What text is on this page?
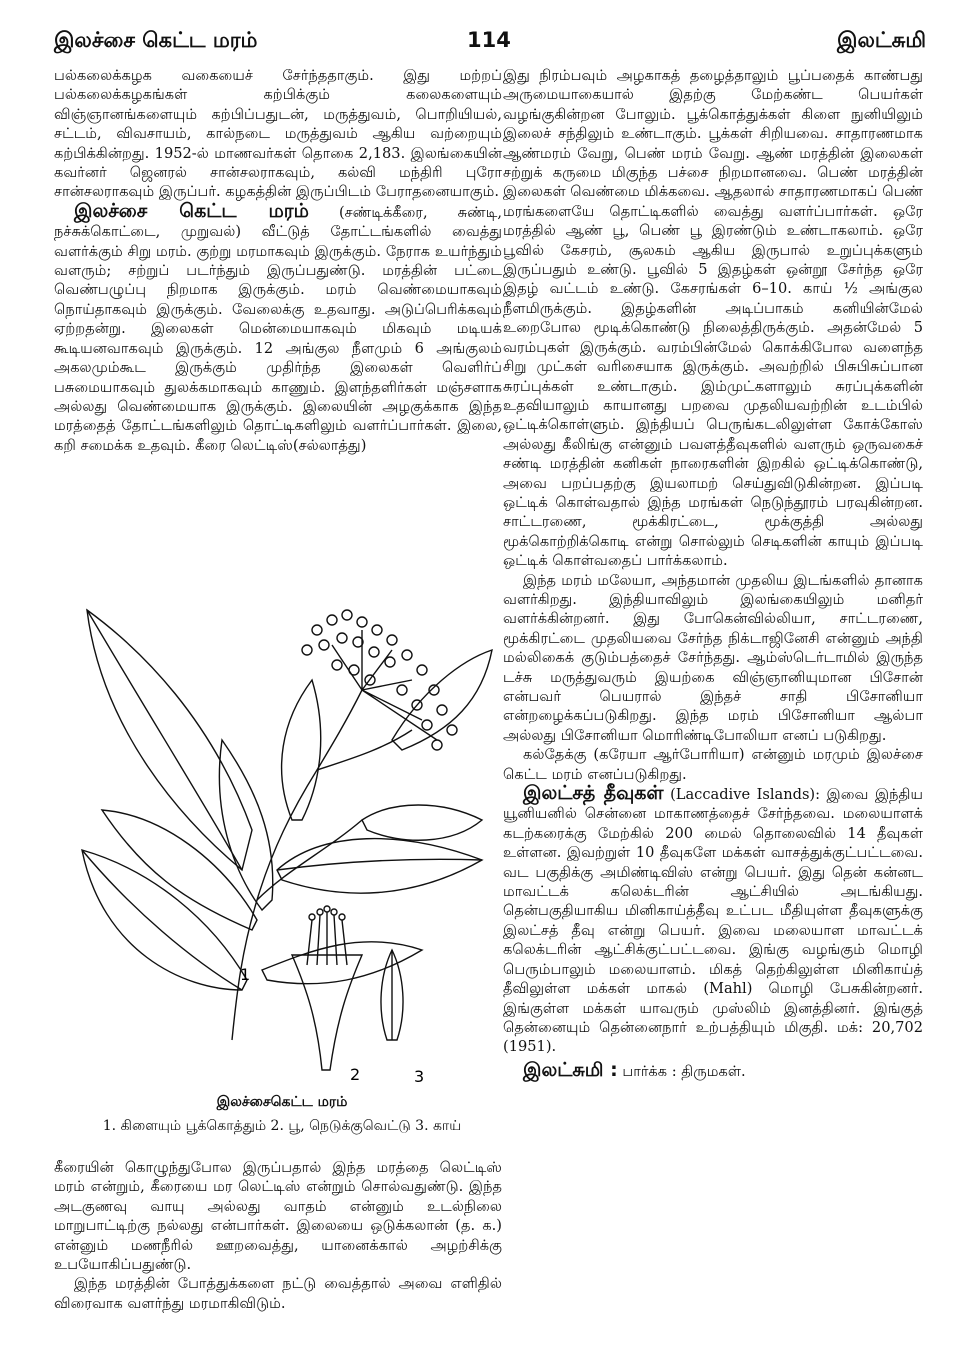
இலச்சை கெட்ட மரம்	114	இலட்சுமி

பல்கலைக்கழக வகையைச் சேர்ந்ததாகும். இது மற்றப் பல்கலைக்கழகங்கள் கற்பிக்கும் கலைகளையும் விஞ்ஞானங்களையும் கற்பிப்பதுடன், மருத்துவம், பொறியியல், சட்டம், விவசாயம், கால்நடை மருத்துவம் ஆகிய வற்றையும் கற்பிக்கின்றது. 1952-ல் மாணவர்கள் தொகை 2,183. இலங்கையின் கவர்னர் ஜெனரல் சான்சலராகவும், கல்வி மந்திரி புரோ சான்சலராகவும் இருப்பர். கழகத்தின் இருப்பிடம் பேராதனையாகும்.

இலச்சை கெட்ட மரம் (சண்டிக்கீரை, சுண்டி, நச்சுக்கொட்டை, முறுவல்) வீட்டுத் தோட்டங்களில் வைத்து வளர்க்கும் சிறு மரம். குற்று மரமாகவும் இருக்கும். நேராக உயர்ந்தும் வளரும்; சற்றுப் படர்ந்தும் இருப்பதுண்டு. மரத்தின் பட்டை வெண்பழுப்பு நிறமாக இருக்கும். மரம் வெண்மையாகவும் நொய்தாகவும் இருக்கும். வேலைக்கு உதவாது. அடுப்பெரிக்கவும் ஏற்றதன்று. இலைகள் மென்மையாகவும் மிகவும் மடியக் கூடியனவாகவும் இருக்கும். 12 அங்குல நீளமும் 6 அங்குலம் அகலமும்கூட இருக்கும் முதிர்ந்த இலைகள் வெளிர்ப் பசுமையாகவும் துலக்கமாகவும் காணும். இளந்தளிர்கள் மஞ்சளாக அல்லது வெண்மையாக இருக்கும். இலையின் அழகுக்காக இந்த மரத்தைத் தோட்டங்களிலும் தொட்டிகளிலும் வளர்ப்பார்கள். இலை, கறி சமைக்க உதவும். கீரை லெட்டிஸ்(சல்லாத்து)

1
2	3
இலச்சைகெட்ட மரம்
1. கிளையும் பூக்கொத்தும் 2. பூ, நெடுக்குவெட்டு 3. காய்

கீரையின் கொழுந்துபோல இருப்பதால் இந்த மரத்தை லெட்டிஸ் மரம் என்றும், கீரையை மர லெட்டிஸ் என்றும் சொல்வதுண்டு. இந்த அடகுணவு வாயு அல்லது வாதம் என்னும் உடல்நிலை மாறுபாட்டிற்கு நல்லது என்பார்கள். இலையை ஒடுக்கலான் (த. க.) என்னும் மணநீரில் ஊறவைத்து, யானைக்கால் அழற்சிக்கு உபயோகிப்பதுண்டு.

இந்த மரத்தின் போத்துக்களை நட்டு வைத்தால் அவை எளிதில் விரைவாக வளர்ந்து மரமாகிவிடும்.

இது நிரம்பவும் அழகாகத் தழைத்தாலும் பூப்பதைக் காண்பது அருமையாகையால் இதற்கு மேற்கண்ட பெயர்கள் வழங்குகின்றன போலும். பூக்கொத்துக்கள் கிளை நுனியிலும் இலைச் சந்திலும் உண்டாகும். பூக்கள் சிறியவை. சாதாரணமாக ஆண்மரம் வேறு, பெண் மரம் வேறு. ஆண் மரத்தின் இலைகள் சற்றுக் கருமை மிகுந்த பச்சை நிறமானவை. பெண் மரத்தின் இலைகள் வெண்மை மிக்கவை. ஆதலால் சாதாரணமாகப் பெண் மரங்களையே தொட்டிகளில் வைத்து வளர்ப்பார்கள். ஒரே மரத்தில் ஆண் பூ, பெண் பூ இரண்டும் உண்டாகலாம். ஒரே பூவில் கேசரம், சூலகம் ஆகிய இருபால் உறுப்புக்களும் இருப்பதும் உண்டு. பூவில் 5 இதழ்கள் ஒன்றூ சேர்ந்த ஒரே இதழ் வட்டம் உண்டு. கேசரங்கள் 6–10. காய் ½ அங்குல நீளமிருக்கும். இதழ்களின் அடிப்பாகம் கனியின்மேல் உறைபோல மூடிக்கொண்டு நிலைத்திருக்கும். அதன்மேல் 5 வரம்புகள் இருக்கும். வரம்பின்மேல் கொக்கிபோல வளைந்த சிறு முட்கள் வரிசையாக இருக்கும். அவற்றில் பிசுபிசுப்பான சுரப்புக்கள் உண்டாகும். இம்முட்களாலும் சுரப்புக்களின் உதவியாலும் காயானது பறவை முதலியவற்றின் உடம்பில் ஒட்டிக்கொள்ளும். இந்தியப் பெருங்கடலிலுள்ள கோக்கோஸ் அல்லது கீலிங்கு என்னும் பவளத்தீவுகளில் வளரும் ஒருவகைச் சண்டி மரத்தின் கனிகள் நாரைகளின் இறகில் ஒட்டிக்கொண்டு, அவை பறப்பதற்கு இயலாமற் செய்துவிடுகின்றன. இப்படி ஒட்டிக் கொள்வதால் இந்த மரங்கள் நெடுந்தூரம் பரவுகின்றன. சாட்டரணை, மூக்கிரட்டை, மூக்குத்தி அல்லது மூக்கொற்றிக்கொடி என்று சொல்லும் செடிகளின் காயும் இப்படி ஒட்டிக் கொள்வதைப் பார்க்கலாம்.

இந்த மரம் மலேயா, அந்தமான் முதலிய இடங்களில் தானாக வளர்கிறது. இந்தியாவிலும் இலங்கையிலும் மனிதர் வளர்க்கின்றனர். இது போகென்வில்லியா, சாட்டரணை, மூக்கிரட்டை முதலியவை சேர்ந்த நிக்டாஜினேசி என்னும் அந்தி மல்லிகைக் குடும்பத்தைச் சேர்ந்தது. ஆம்ஸ்டெர்டாமில் இருந்த டச்சு மருத்துவரும் இயற்கை விஞ்ஞானியுமான பிசோன் என்பவர் பெயரால் இந்தச் சாதி பிசோனியா என்றழைக்கப்படுகிறது. இந்த மரம் பிசோனியா ஆல்பா அல்லது பிசோனியா மொரிண்டிபோலியா எனப் படுகிறது.

கல்தேக்கு (கரேயா ஆர்போரியா) என்னும் மரமும் இலச்சை கெட்ட மரம் எனப்படுகிறது.

இலட்சத் தீவுகள் (Laccadive Islands): இவை இந்திய யூனியனில் சென்னை மாகாணத்தைச் சேர்ந்தவை. மலையாளக் கடற்கரைக்கு மேற்கில் 200 மைல் தொலைவில் 14 தீவுகள் உள்ளன. இவற்றுள் 10 தீவுகளே மக்கள் வாசத்துக்குட்பட்டவை. வட பகுதிக்கு அமிண்டிவிஸ் என்று பெயர். இது தென் கன்னட மாவட்டக் கலெக்டரின் ஆட்சியில் அடங்கியது. தென்பகுதியாகிய மினிகாய்த்தீவு உட்பட மீதியுள்ள தீவுகளுக்கு இலட்சத் தீவு என்று பெயர். இவை மலையாள மாவட்டக் கலெக்டரின் ஆட்சிக்குட்பட்டவை. இங்கு வழங்கும் மொழி பெரும்பாலும் மலையாளம். மிகத் தெற்கிலுள்ள மினிகாய்த் தீவிலுள்ள மக்கள் மாகல் (Mahl) மொழி பேசுகின்றனர். இங்குள்ள மக்கள் யாவரும் முஸ்லிம் இனத்தினர். இங்குத் தென்னையும் தென்னைநார் உற்பத்தியும் மிகுதி. மக்: 20,702 (1951).

இலட்சுமி : பார்க்க : திருமகள்.
